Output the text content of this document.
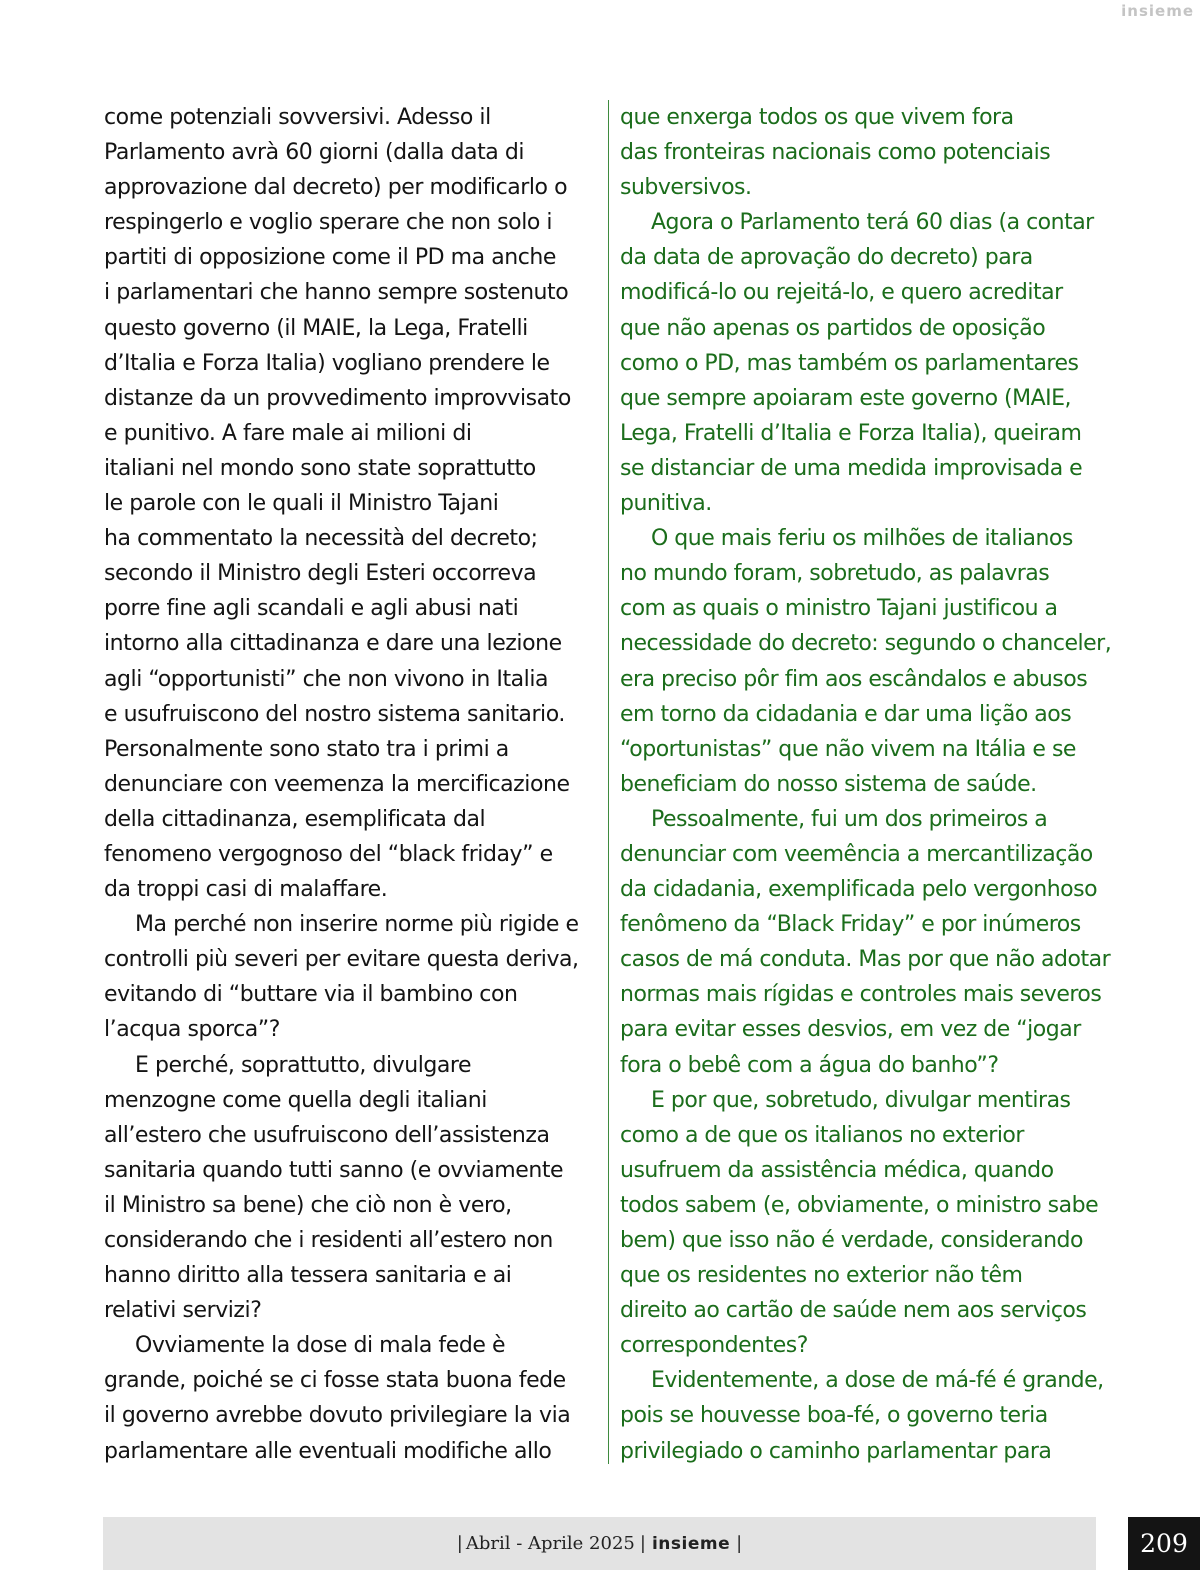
insieme
come potenziali sovversivi. Adesso il
Parlamento avrà 60 giorni (dalla data di
approvazione dal decreto) per modificarlo o
respingerlo e voglio sperare che non solo i
partiti di opposizione come il PD ma anche
i parlamentari che hanno sempre sostenuto
questo governo (il MAIE, la Lega, Fratelli
d’Italia e Forza Italia) vogliano prendere le
distanze da un provvedimento improvvisato
e punitivo. A fare male ai milioni di
italiani nel mondo sono state soprattutto
le parole con le quali il Ministro Tajani
ha commentato la necessità del decreto;
secondo il Ministro degli Esteri occorreva
porre fine agli scandali e agli abusi nati
intorno alla cittadinanza e dare una lezione
agli “opportunisti” che non vivono in Italia
e usufruiscono del nostro sistema sanitario.
Personalmente sono stato tra i primi a
denunciare con veemenza la mercificazione
della cittadinanza, esemplificata dal
fenomeno vergognoso del “black friday” e
da troppi casi di malaffare.
Ma perché non inserire norme più rigide e
controlli più severi per evitare questa deriva,
evitando di “buttare via il bambino con
l’acqua sporca”?
E perché, soprattutto, divulgare
menzogne come quella degli italiani
all’estero che usufruiscono dell’assistenza
sanitaria quando tutti sanno (e ovviamente
il Ministro sa bene) che ciò non è vero,
considerando che i residenti all’estero non
hanno diritto alla tessera sanitaria e ai
relativi servizi?
Ovviamente la dose di mala fede è
grande, poiché se ci fosse stata buona fede
il governo avrebbe dovuto privilegiare la via
parlamentare alle eventuali modifiche allo
que enxerga todos os que vivem fora
das fronteiras nacionais como potenciais
subversivos.
Agora o Parlamento terá 60 dias (a contar
da data de aprovação do decreto) para
modificá-lo ou rejeitá-lo, e quero acreditar
que não apenas os partidos de oposição
como o PD, mas também os parlamentares
que sempre apoiaram este governo (MAIE,
Lega, Fratelli d’Italia e Forza Italia), queiram
se distanciar de uma medida improvisada e
punitiva.
O que mais feriu os milhões de italianos
no mundo foram, sobretudo, as palavras
com as quais o ministro Tajani justificou a
necessidade do decreto: segundo o chanceler,
era preciso pôr fim aos escândalos e abusos
em torno da cidadania e dar uma lição aos
“oportunistas” que não vivem na Itália e se
beneficiam do nosso sistema de saúde.
Pessoalmente, fui um dos primeiros a
denunciar com veemência a mercantilização
da cidadania, exemplificada pelo vergonhoso
fenômeno da “Black Friday” e por inúmeros
casos de má conduta. Mas por que não adotar
normas mais rígidas e controles mais severos
para evitar esses desvios, em vez de “jogar
fora o bebê com a água do banho”?
E por que, sobretudo, divulgar mentiras
como a de que os italianos no exterior
usufruem da assistência médica, quando
todos sabem (e, obviamente, o ministro sabe
bem) que isso não é verdade, considerando
que os residentes no exterior não têm
direito ao cartão de saúde nem aos serviços
correspondentes?
Evidentemente, a dose de má-fé é grande,
pois se houvesse boa-fé, o governo teria
privilegiado o caminho parlamentar para
| Abril - Aprile 2025 | insieme |	209
